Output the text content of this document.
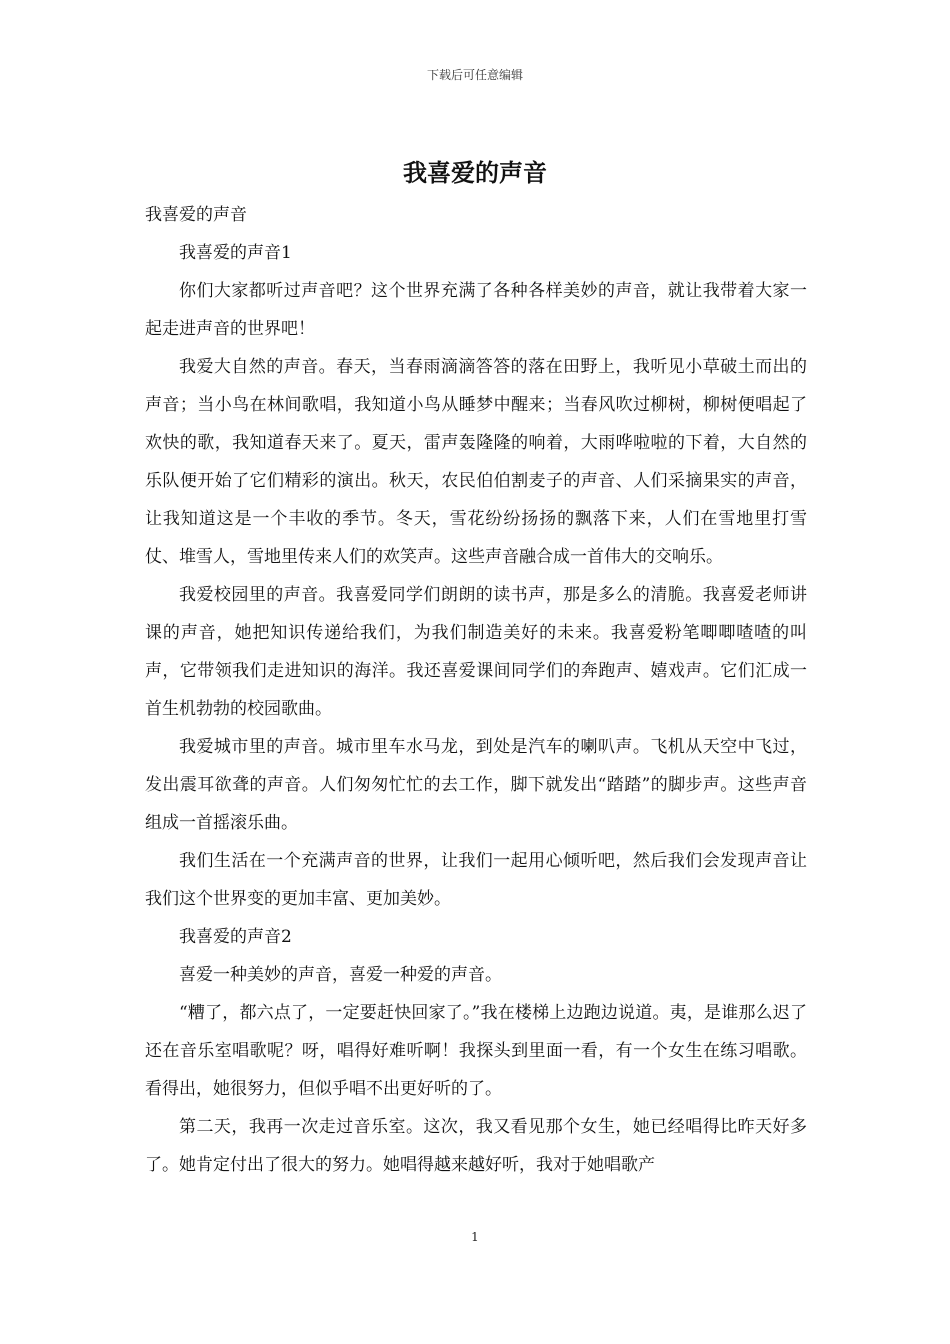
下载后可任意编辑
我喜爱的声音

我喜爱的声音

我喜爱的声音1

你们大家都听过声音吧？这个世界充满了各种各样美妙的声音，就让我带着大家一起走进声音的世界吧！

我爱大自然的声音。春天，当春雨滴滴答答的落在田野上，我听见小草破土而出的声音；当小鸟在林间歌唱，我知道小鸟从睡梦中醒来；当春风吹过柳树，柳树便唱起了欢快的歌，我知道春天来了。夏天，雷声轰隆隆的响着，大雨哗啦啦的下着，大自然的乐队便开始了它们精彩的演出。秋天，农民伯伯割麦子的声音、人们采摘果实的声音，让我知道这是一个丰收的季节。冬天，雪花纷纷扬扬的飘落下来，人们在雪地里打雪仗、堆雪人，雪地里传来人们的欢笑声。这些声音融合成一首伟大的交响乐。

我爱校园里的声音。我喜爱同学们朗朗的读书声，那是多么的清脆。我喜爱老师讲课的声音，她把知识传递给我们，为我们制造美好的未来。我喜爱粉笔唧唧喳喳的叫声，它带领我们走进知识的海洋。我还喜爱课间同学们的奔跑声、嬉戏声。它们汇成一首生机勃勃的校园歌曲。

我爱城市里的声音。城市里车水马龙，到处是汽车的喇叭声。飞机从天空中飞过，发出震耳欲聋的声音。人们匆匆忙忙的去工作，脚下就发出“踏踏”的脚步声。这些声音组成一首摇滚乐曲。

我们生活在一个充满声音的世界，让我们一起用心倾听吧，然后我们会发现声音让我们这个世界变的更加丰富、更加美妙。

我喜爱的声音2

喜爱一种美妙的声音，喜爱一种爱的声音。

“糟了，都六点了，一定要赶快回家了。”我在楼梯上边跑边说道。夷，是谁那么迟了还在音乐室唱歌呢？呀，唱得好难听啊！我探头到里面一看，有一个女生在练习唱歌。看得出，她很努力，但似乎唱不出更好听的了。

第二天，我再一次走过音乐室。这次，我又看见那个女生，她已经唱得比昨天好多了。她肯定付出了很大的努力。她唱得越来越好听，我对于她唱歌产

1
